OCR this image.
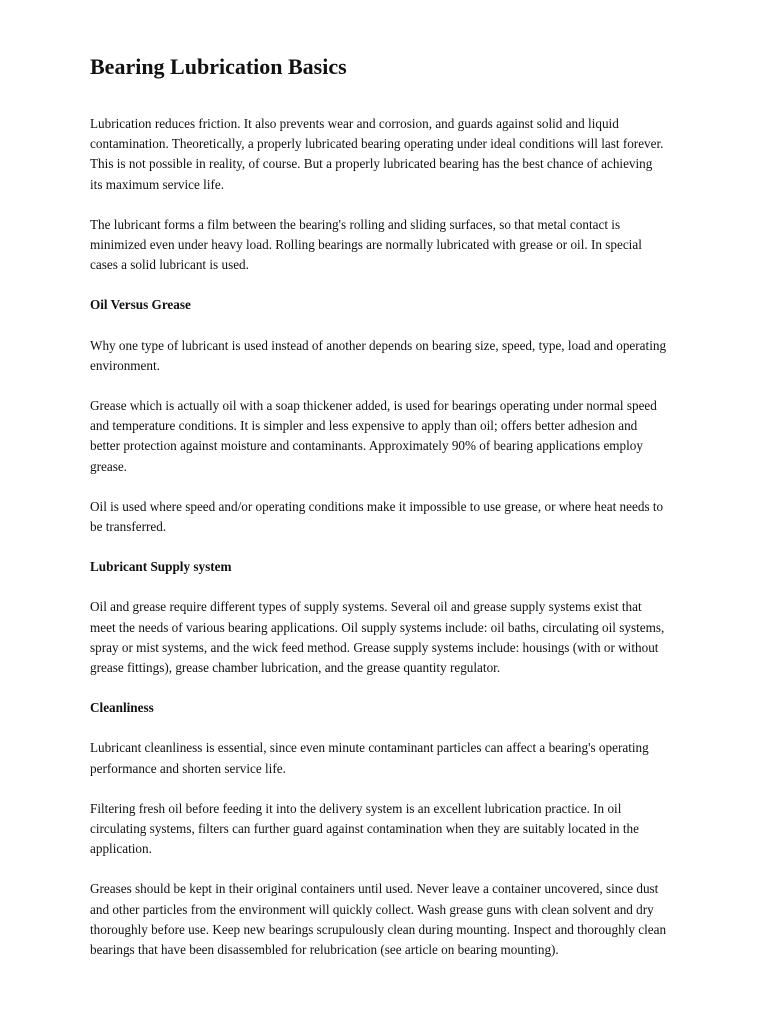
Bearing Lubrication Basics

Lubrication reduces friction. It also prevents wear and corrosion, and guards against solid and liquid contamination. Theoretically, a properly lubricated bearing operating under ideal conditions will last forever. This is not possible in reality, of course. But a properly lubricated bearing has the best chance of achieving its maximum service life.

The lubricant forms a film between the bearing's rolling and sliding surfaces, so that metal contact is minimized even under heavy load. Rolling bearings are normally lubricated with grease or oil. In special cases a solid lubricant is used.

Oil Versus Grease

Why one type of lubricant is used instead of another depends on bearing size, speed, type, load and operating environment.

Grease which is actually oil with a soap thickener added, is used for bearings operating under normal speed and temperature conditions. It is simpler and less expensive to apply than oil; offers better adhesion and better protection against moisture and contaminants. Approximately 90% of bearing applications employ grease.

Oil is used where speed and/or operating conditions make it impossible to use grease, or where heat needs to be transferred.

Lubricant Supply system

Oil and grease require different types of supply systems. Several oil and grease supply systems exist that meet the needs of various bearing applications. Oil supply systems include: oil baths, circulating oil systems, spray or mist systems, and the wick feed method. Grease supply systems include: housings (with or without grease fittings), grease chamber lubrication, and the grease quantity regulator.

Cleanliness

Lubricant cleanliness is essential, since even minute contaminant particles can affect a bearing's operating performance and shorten service life.

Filtering fresh oil before feeding it into the delivery system is an excellent lubrication practice. In oil circulating systems, filters can further guard against contamination when they are suitably located in the application.

Greases should be kept in their original containers until used. Never leave a container uncovered, since dust and other particles from the environment will quickly collect. Wash grease guns with clean solvent and dry thoroughly before use. Keep new bearings scrupulously clean during mounting. Inspect and thoroughly clean bearings that have been disassembled for relubrication (see article on bearing mounting).
